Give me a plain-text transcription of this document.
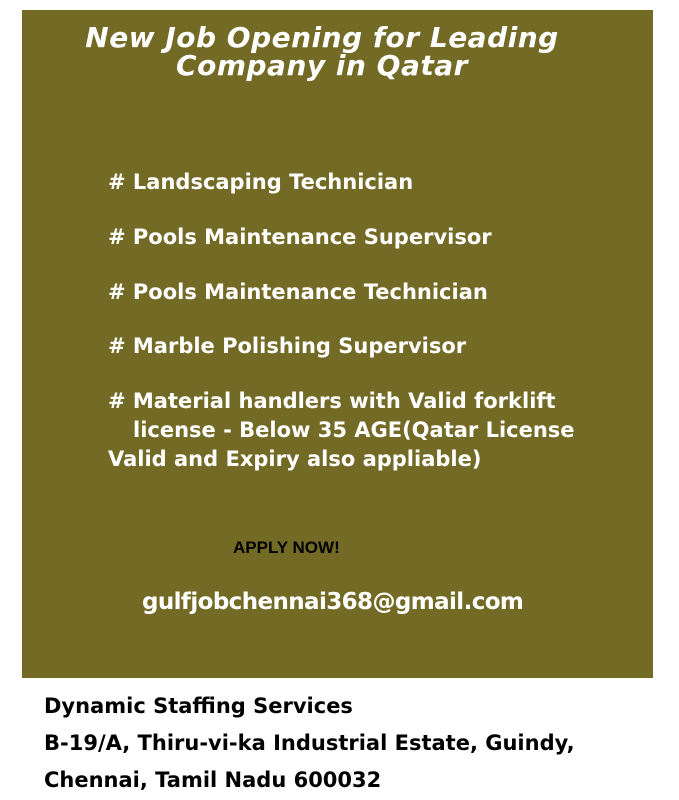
New Job Opening for Leading
Company in Qatar
# Landscaping Technician
# Pools Maintenance Supervisor
# Pools Maintenance Technician
# Marble Polishing Supervisor
# Material handlers with Valid forklift
license - Below 35 AGE(Qatar License
Valid and Expiry also appliable)
APPLY NOW!
gulfjobchennai368@gmail.com
Dynamic Staffing Services
B-19/A, Thiru-vi-ka Industrial Estate, Guindy,
Chennai, Tamil Nadu 600032
